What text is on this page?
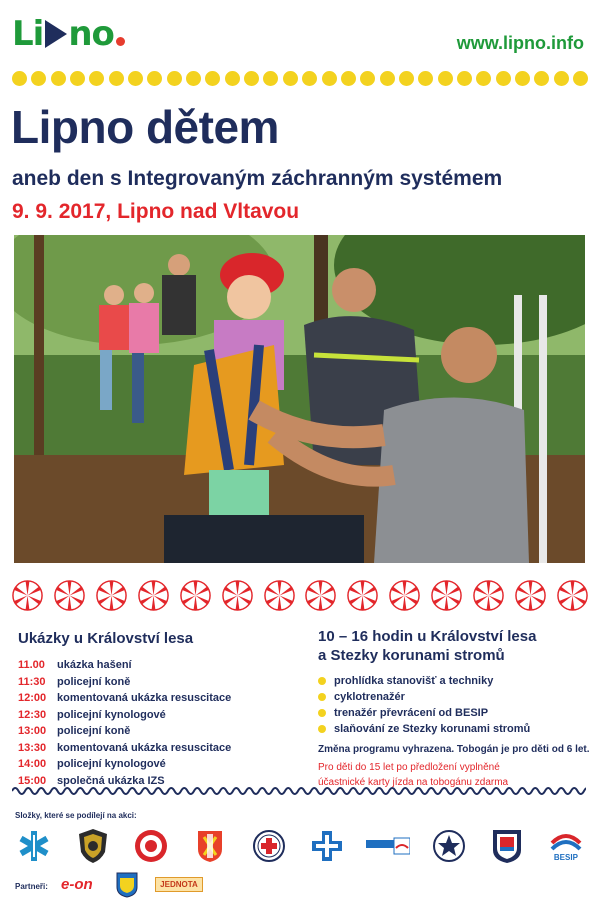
Li no	www.lipno.info
Lipno dětem
aneb den s Integrovaným záchranným systémem
9. 9. 2017, Lipno nad Vltavou
Ukázky u Království lesa
11.00	ukázka hašení
11:30	policejní koně
12:00 komentovaná ukázka resuscitace
12:30 policejní kynologové
13:00 policejní koně
13:30 komentovaná ukázka resuscitace
14:00 policejní kynologové
15:00 společná ukázka IZS
10 – 16 hodin u Království lesa
a Stezky korunami stromů
prohlídka stanovišť a techniky
cyklotrenažér
trenažér převrácení od BESIP
slaňování ze Stezky korunami stromů
Změna programu vyhrazena. Tobogán je pro děti od 6 let.
Pro děti do 15 let po předložení vyplněné
účastnické karty jízda na tobogánu zdarma
Složky, které se podílejí na akci:
BESIP
Partneři: e-on	JEDNOTA
